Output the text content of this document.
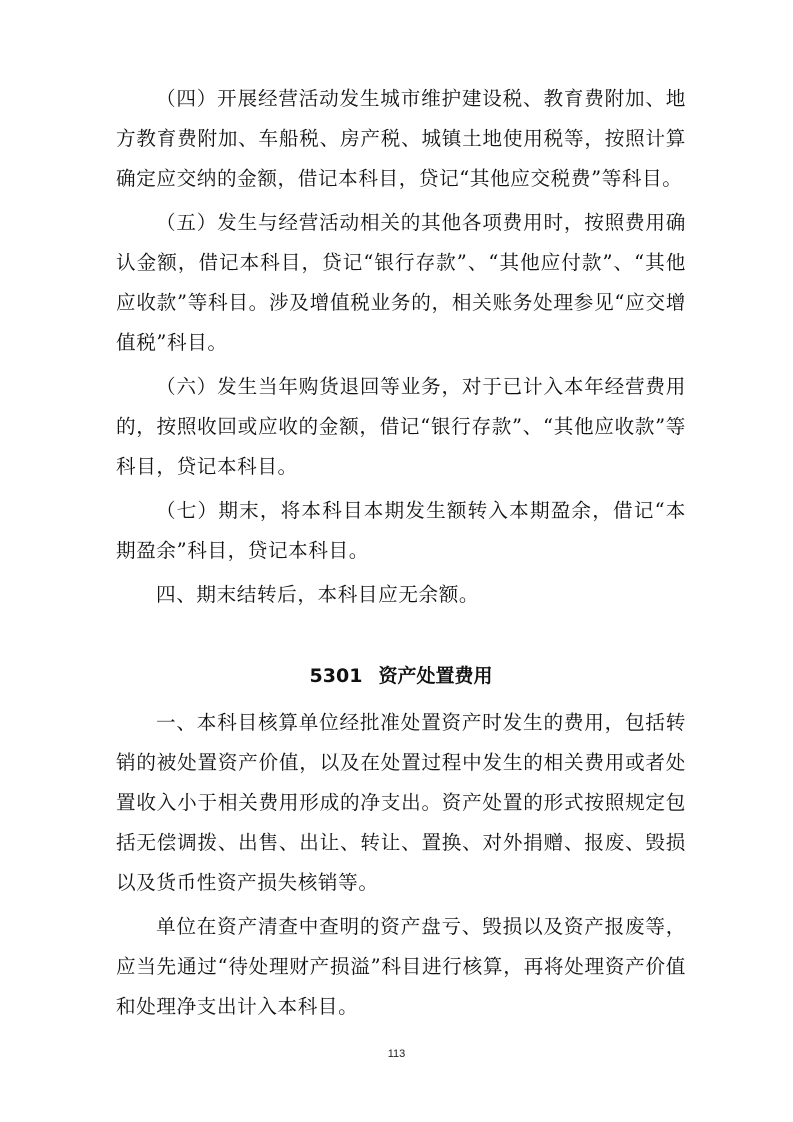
（四）开展经营活动发生城市维护建设税、教育费附加、地方教育费附加、车船税、房产税、城镇土地使用税等，按照计算确定应交纳的金额，借记本科目，贷记“其他应交税费”等科目。

（五）发生与经营活动相关的其他各项费用时，按照费用确认金额，借记本科目，贷记“银行存款”、“其他应付款”、“其他应收款”等科目。涉及增值税业务的，相关账务处理参见“应交增值税”科目。

（六）发生当年购货退回等业务，对于已计入本年经营费用的，按照收回或应收的金额，借记“银行存款”、“其他应收款”等科目，贷记本科目。

（七）期末，将本科目本期发生额转入本期盈余，借记“本期盈余”科目，贷记本科目。

四、期末结转后，本科目应无余额。

5301 资产处置费用

一、本科目核算单位经批准处置资产时发生的费用，包括转销的被处置资产价值，以及在处置过程中发生的相关费用或者处置收入小于相关费用形成的净支出。资产处置的形式按照规定包括无偿调拨、出售、出让、转让、置换、对外捐赠、报废、毁损以及货币性资产损失核销等。

单位在资产清查中查明的资产盘亏、毁损以及资产报废等，应当先通过“待处理财产损溢”科目进行核算，再将处理资产价值和处理净支出计入本科目。

113
